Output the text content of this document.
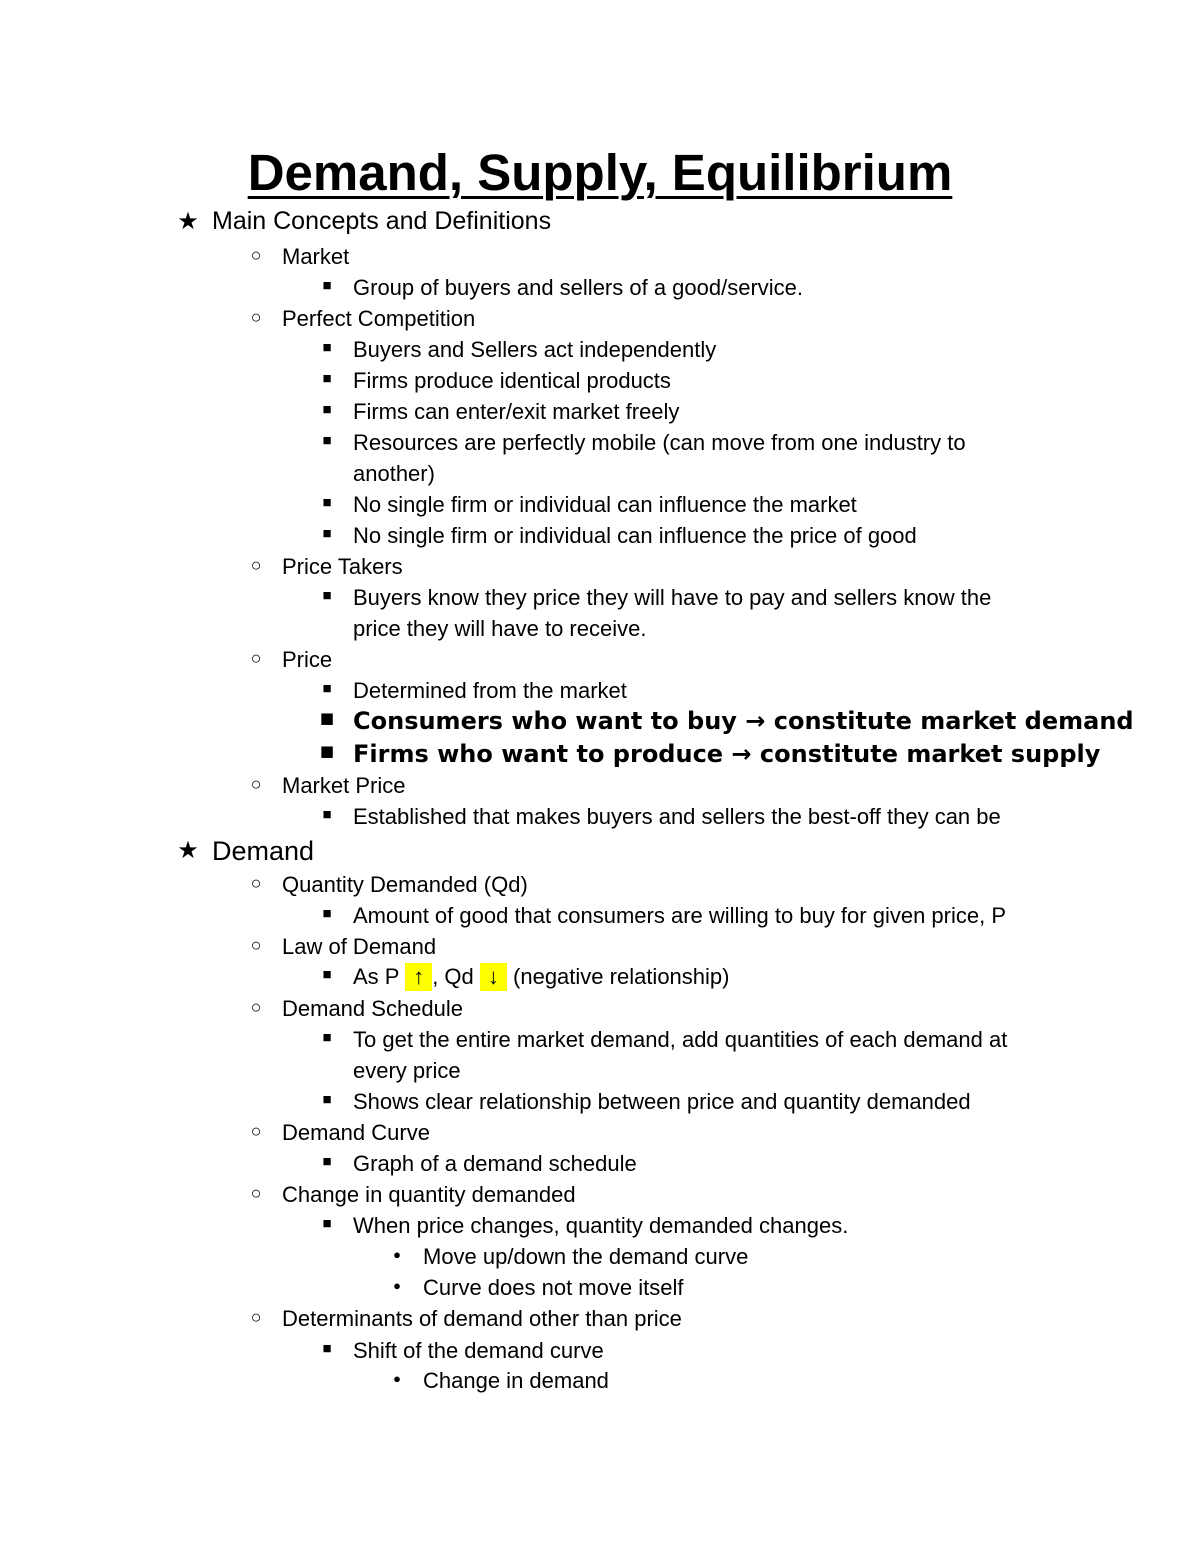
Demand, Supply, Equilibrium
★ Main Concepts and Definitions
○ Market
■ Group of buyers and sellers of a good/service.
○ Perfect Competition
■ Buyers and Sellers act independently
■ Firms produce identical products
■ Firms can enter/exit market freely
■ Resources are perfectly mobile (can move from one industry to
another)
■ No single firm or individual can influence the market
■ No single firm or individual can influence the price of good
○ Price Takers
■ Buyers know they price they will have to pay and sellers know the
price they will have to receive.
○ Price
■ Determined from the market
■ Consumers who want to buy → constitute market demand
■ Firms who want to produce → constitute market supply
○ Market Price
■ Established that makes buyers and sellers the best-off they can be
★ Demand
○ Quantity Demanded (Qd)
■ Amount of good that consumers are willing to buy for given price, P
○ Law of Demand
■ As P ↑ , Qd ↓ (negative relationship)
○ Demand Schedule
■ To get the entire market demand, add quantities of each demand at
every price
■ Shows clear relationship between price and quantity demanded
○ Demand Curve
■ Graph of a demand schedule
○ Change in quantity demanded
■ When price changes, quantity demanded changes.
● Move up/down the demand curve
● Curve does not move itself
○ Determinants of demand other than price
■ Shift of the demand curve
● Change in demand
